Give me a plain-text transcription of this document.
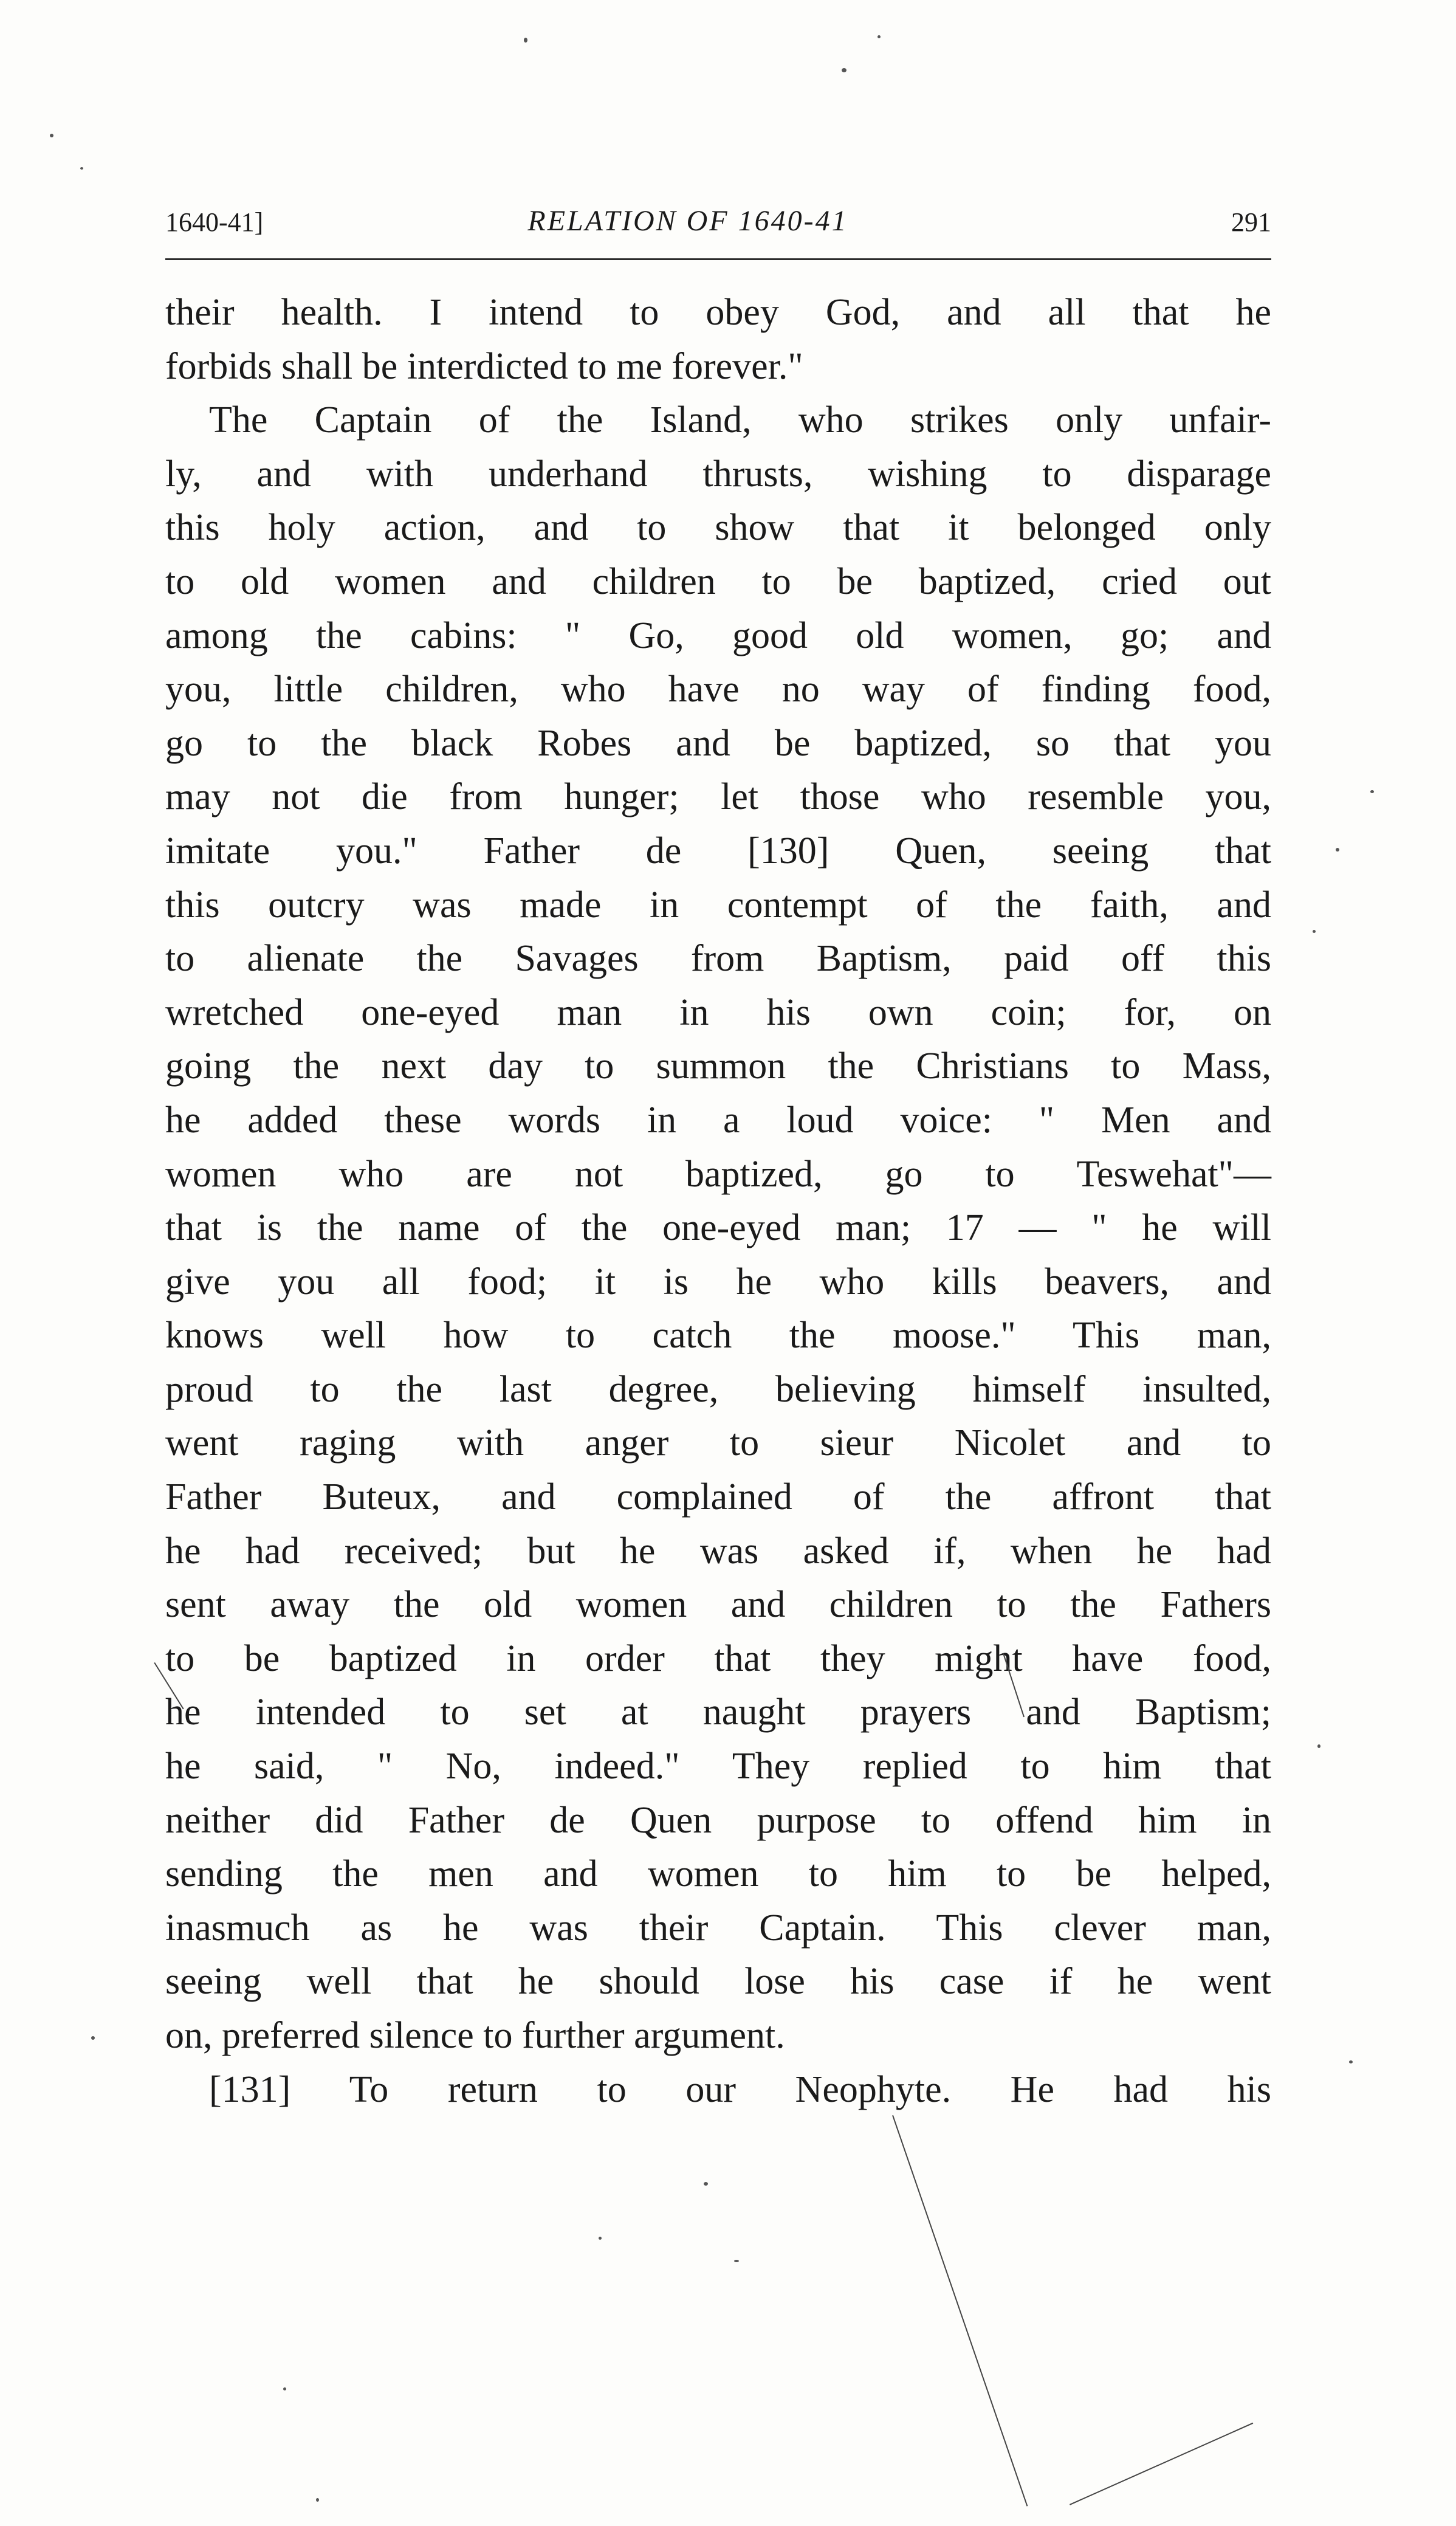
1640-41]	RELATION OF 1640-41	291
their health. I intend to obey God, and all that he
forbids shall be interdicted to me forever."
The Captain of the Island, who strikes only unfair-
ly, and with underhand thrusts, wishing to disparage
this holy action, and to show that it belonged only
to old women and children to be baptized, cried out
among the cabins: " Go, good old women, go; and
you, little children, who have no way of finding food,
go to the black Robes and be baptized, so that you
may not die from hunger; let those who resemble you,
imitate you." Father de [130] Quen, seeing that
this outcry was made in contempt of the faith, and
to alienate the Savages from Baptism, paid off this
wretched one-eyed man in his own coin; for, on
going the next day to summon the Christians to Mass,
he added these words in a loud voice: " Men and
women who are not baptized, go to Teswehat"—
that is the name of the one-eyed man; 17 — " he will
give you all food; it is he who kills beavers, and
knows well how to catch the moose." This man,
proud to the last degree, believing himself insulted,
went raging with anger to sieur Nicolet and to
Father Buteux, and complained of the affront that
he had received; but he was asked if, when he had
sent away the old women and children to the Fathers
to be baptized in order that they might have food,
he intended to set at naught prayers and Baptism;
he said, " No, indeed." They replied to him that
neither did Father de Quen purpose to offend him in
sending the men and women to him to be helped,
inasmuch as he was their Captain. This clever man,
seeing well that he should lose his case if he went
on, preferred silence to further argument.
[131] To return to our Neophyte. He had his
